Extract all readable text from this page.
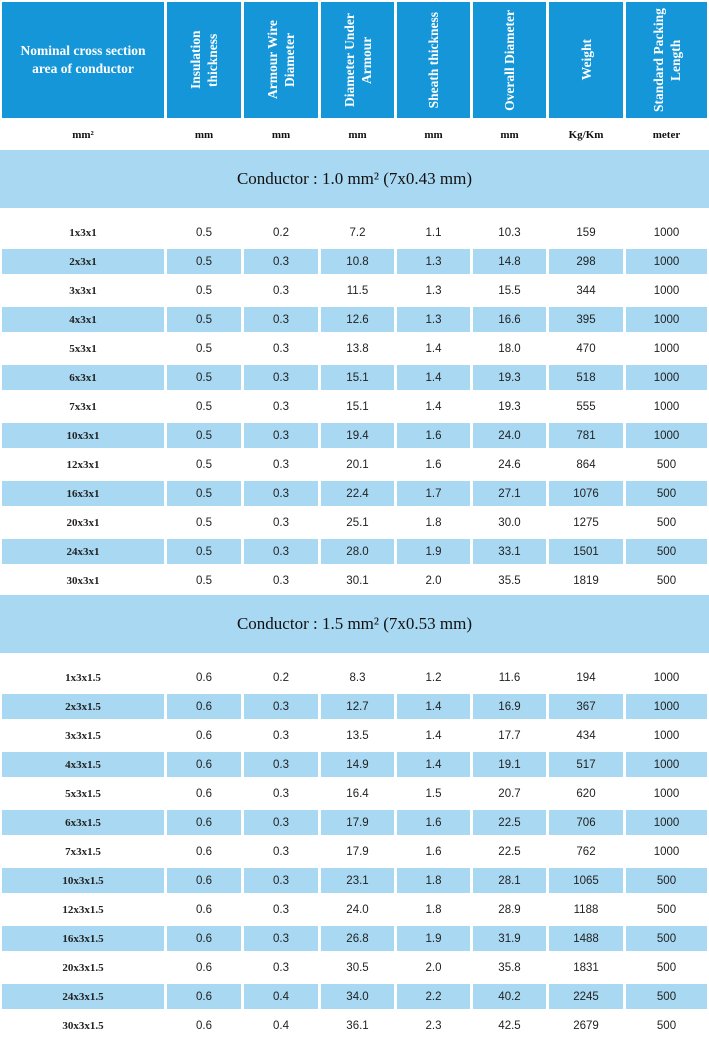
Nominal cross section area of conductor	Insulation thickness	Armour Wire Diameter	Diameter Under Armour	Sheath thickness	Overall Diameter	Weight	Standard Packing Length
mm²	mm	mm	mm	mm	mm	Kg/Km	meter
Conductor : 1.0 mm² (7x0.43 mm)
1x3x1	0.5	0.2	7.2	1.1	10.3	159	1000
2x3x1	0.5	0.3	10.8	1.3	14.8	298	1000
3x3x1	0.5	0.3	11.5	1.3	15.5	344	1000
4x3x1	0.5	0.3	12.6	1.3	16.6	395	1000
5x3x1	0.5	0.3	13.8	1.4	18.0	470	1000
6x3x1	0.5	0.3	15.1	1.4	19.3	518	1000
7x3x1	0.5	0.3	15.1	1.4	19.3	555	1000
10x3x1	0.5	0.3	19.4	1.6	24.0	781	1000
12x3x1	0.5	0.3	20.1	1.6	24.6	864	500
16x3x1	0.5	0.3	22.4	1.7	27.1	1076	500
20x3x1	0.5	0.3	25.1	1.8	30.0	1275	500
24x3x1	0.5	0.3	28.0	1.9	33.1	1501	500
30x3x1	0.5	0.3	30.1	2.0	35.5	1819	500
Conductor : 1.5 mm² (7x0.53 mm)
1x3x1.5	0.6	0.2	8.3	1.2	11.6	194	1000
2x3x1.5	0.6	0.3	12.7	1.4	16.9	367	1000
3x3x1.5	0.6	0.3	13.5	1.4	17.7	434	1000
4x3x1.5	0.6	0.3	14.9	1.4	19.1	517	1000
5x3x1.5	0.6	0.3	16.4	1.5	20.7	620	1000
6x3x1.5	0.6	0.3	17.9	1.6	22.5	706	1000
7x3x1.5	0.6	0.3	17.9	1.6	22.5	762	1000
10x3x1.5	0.6	0.3	23.1	1.8	28.1	1065	500
12x3x1.5	0.6	0.3	24.0	1.8	28.9	1188	500
16x3x1.5	0.6	0.3	26.8	1.9	31.9	1488	500
20x3x1.5	0.6	0.3	30.5	2.0	35.8	1831	500
24x3x1.5	0.6	0.4	34.0	2.2	40.2	2245	500
30x3x1.5	0.6	0.4	36.1	2.3	42.5	2679	500
